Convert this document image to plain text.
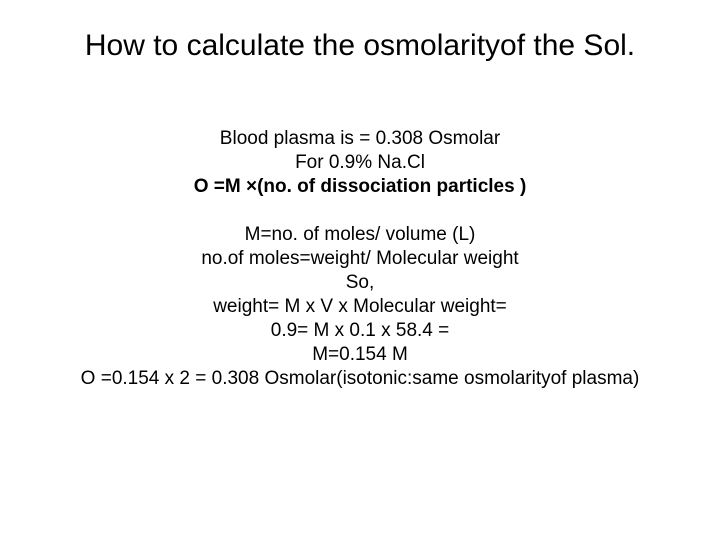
How to calculate the osmolarityof the Sol.
Blood plasma is = 0.308 Osmolar
For 0.9% Na.Cl
O =M ×(no. of dissociation particles )
M=no. of moles/ volume (L)
no.of moles=weight/ Molecular weight
So,
weight= M x V x Molecular weight=
0.9= M x 0.1 x 58.4 =
M=0.154 M
O =0.154 x 2 = 0.308 Osmolar(isotonic:same osmolarityof plasma)
